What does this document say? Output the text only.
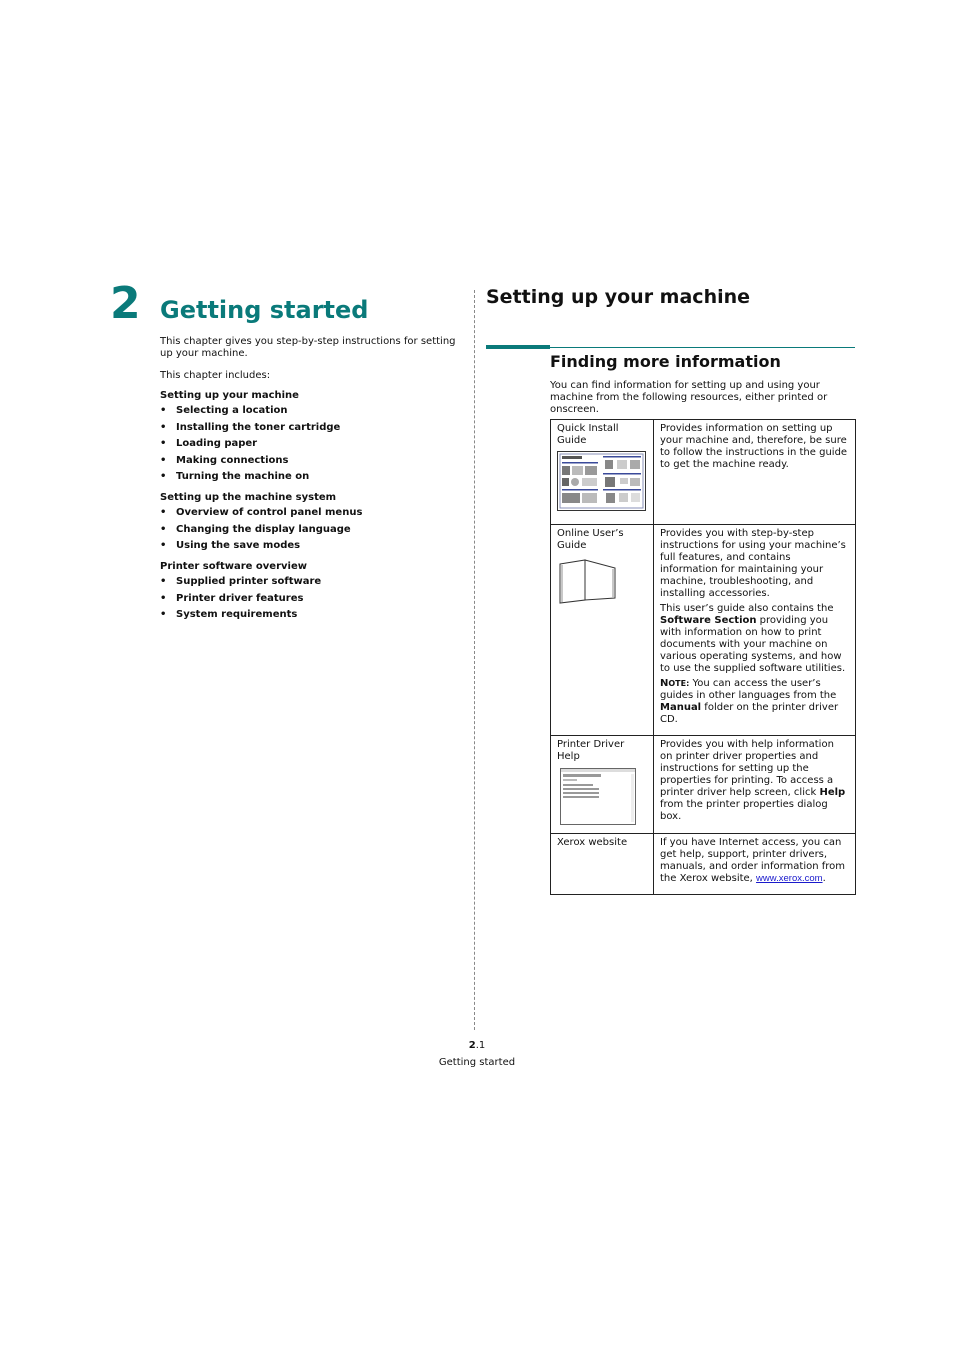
2 Getting started
This chapter gives you step-by-step instructions for setting up your machine.
This chapter includes:

Setting up your machine

• Selecting a location
• Installing the toner cartridge
• Loading paper
• Making connections
• Turning the machine on

Setting up the machine system

• Overview of control panel menus
• Changing the display language
• Using the save modes

Printer software overview

• Supplied printer software
• Printer driver features
• System requirements
Setting up your machine
Finding more information
You can find information for setting up and using your machine from the following resources, either printed or onscreen.
Quick Install Guide	Provides information on setting up your machine and, therefore, be sure to follow the instructions in the guide to get the machine ready.

Online User’s Guide	Provides you with step-by-step instructions for using your machine’s full features, and contains information for maintaining your machine, troubleshooting, and installing accessories.

This user’s guide also contains the Software Section providing you with information on how to print documents with your machine on various operating systems, and how to use the supplied software utilities.

NOTE: You can access the user’s guides in other languages from the Manual folder on the printer driver CD.

Printer Driver Help	Provides you with help information on printer driver properties and instructions for setting up the properties for printing. To access a printer driver help screen, click Help from the printer properties dialog box.

Xerox website	If you have Internet access, you can get help, support, printer drivers, manuals, and order information from the Xerox website, www.xerox.com.

2.1
Getting started
